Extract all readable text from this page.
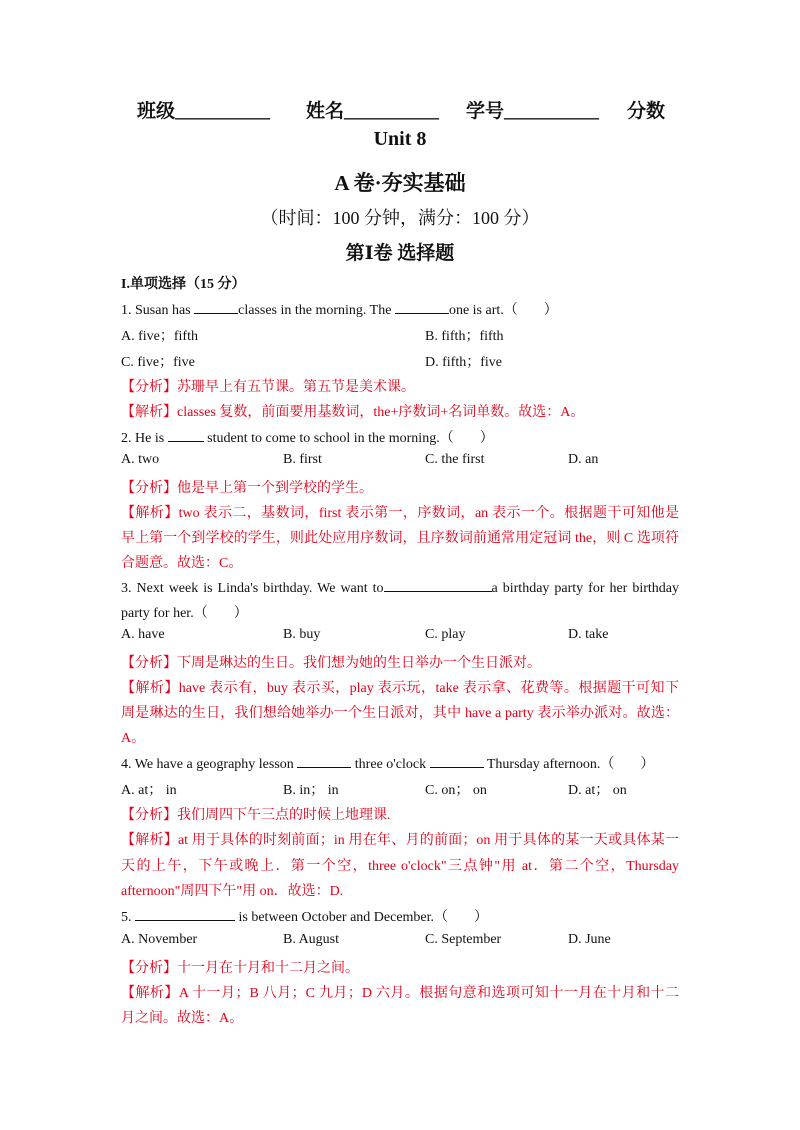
班级__________ 姓名__________ 学号__________ 分数
Unit 8
A 卷·夯实基础
（时间：100 分钟，满分：100 分）
第Ⅰ卷 选择题
I.单项选择（15 分）
1. Susan has	classes in the morning. The	one is art.（ ）
A. five；fifth	B. fifth；fifth
C. five；five	D. fifth；five
【分析】苏珊早上有五节课。第五节是美术课。
【解析】classes 复数，前面要用基数词，the+序数词+名词单数。故选：A。
2. He is	student to come to school in the morning.（ ）
A. two	B. first	C. the first	D. an
【分析】他是早上第一个到学校的学生。
【解析】two 表示二，基数词，first 表示第一，序数词，an 表示一个。根据题干可知他是
早上第一个到学校的学生，则此处应用序数词，且序数词前通常用定冠词 the，则 C 选项符
合题意。故选：C。
3. Next week is Linda's birthday. We want to	a birthday party for her birthday
party for her.（ ）
A. have	B. buy	C. play	D. take
【分析】下周是琳达的生日。我们想为她的生日举办一个生日派对。
【解析】have 表示有，buy 表示买，play 表示玩，take 表示拿、花费等。根据题干可知下
周是琳达的生日，我们想给她举办一个生日派对，其中 have a party 表示举办派对。故选：
A。
4. We have a geography lesson	three o'clock	Thursday afternoon.（ ）
A. at； in	B. in； in	C. on； on	D. at； on
【分析】我们周四下午三点的时候上地理课.
【解析】at 用于具体的时刻前面；in 用在年、月的前面；on 用于具体的某一天或具体某一
天的上午，下午或晚上．第一个空，three o'clock"三点钟"用 at．第二个空，Thursday
afternoon"周四下午"用 on．故选：D.
5.	is between October and December.（ ）
A. November	B. August	C. September	D. June
【分析】十一月在十月和十二月之间。
【解析】A 十一月；B 八月；C 九月；D 六月。根据句意和选项可知十一月在十月和十二
月之间。故选：A。
